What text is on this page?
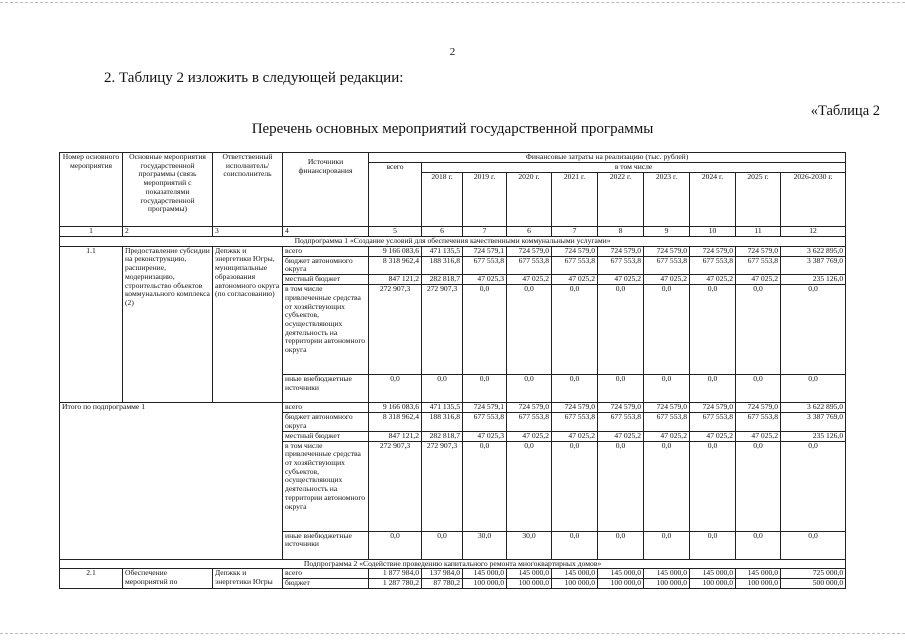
2
2. Таблицу 2 изложить в следующей редакции:
«Таблица 2
Перечень основных мероприятий государственной программы
Номер основного мероприятия	Основные мероприятия государственной программы (связь мероприятий с показателями государственной программы)	Ответственный исполнитель/ соисполнитель	Источники финансирования	Финансовые затраты на реализацию (тыс. рублей)									
				всего	в том числе								
					2018 г.	2019 г.	2020 г.	2021 г.	2022 г.	2023 г.	2024 г.	2025 г.	2026-2030 г.
1	2	3	4	5	6	7	6	7	8	9	10	11	12
Подпрограмма 1 «Создание условий для обеспечения качественными коммунальными услугами»													
1.1	Предоставление субсидии на реконструкцию, расширение, модернизацию, строительство объектов коммунального комплекса (2)	Депжкк и энергетики Югры, муниципальные образования автономного округа (по согласованию)	всего	9 166 083,6	471 135,5	724 579,1	724 579,0	724 579,0	724 579,0	724 579,0	724 579,0	724 579,0	3 622 895,0
			бюджет автономного округа	8 318 962,4	188 316,8	677 553,8	677 553,8	677 553,8	677 553,8	677 553,8	677 553,8	677 553,8	3 387 769,0
			местный бюджет	847 121,2	282 818,7	47 025,3	47 025,2	47 025,2	47 025,2	47 025,2	47 025,2	47 025,2	235 126,0
			в том числе привлеченные средства от хозяйствующих субъектов, осуществляющих деятельность на территории автономного округа	272 907,3	272 907,3	0,0	0,0	0,0	0,0	0,0	0,0	0,0	0,0
			иные внебюджетные источники	0,0	0,0	0,0	0,0	0,0	0,0	0,0	0,0	0,0	0,0
Итого по подпрограмме 1			всего	9 166 083,6	471 135,5	724 579,1	724 579,0	724 579,0	724 579,0	724 579,0	724 579,0	724 579,0	3 622 895,0
			бюджет автономного округа	8 318 962,4	188 316,8	677 553,8	677 553,8	677 553,8	677 553,8	677 553,8	677 553,8	677 553,8	3 387 769,0
			местный бюджет	847 121,2	282 818,7	47 025,3	47 025,2	47 025,2	47 025,2	47 025,2	47 025,2	47 025,2	235 126,0
			в том числе привлеченные средства от хозяйствующих субъектов, осуществляющих деятельность на территории автономного округа	272 907,3	272 907,3	0,0	0,0	0,0	0,0	0,0	0,0	0,0	0,0
			иные внебюджетные источники	0,0	0,0	30,0	30,0	0,0	0,0	0,0	0,0	0,0	0,0
Подпрограмма 2 «Содействие проведению капитального ремонта многоквартирных домов»													
2.1	Обеспечение мероприятий по	Депжкк и энергетики Югры	всего	1 877 984,0	137 984,0	145 000,0	145 000,0	145 000,0	145 000,0	145 000,0	145 000,0	145 000,0	725 000,0
			бюджет	1 287 780,2	87 780,2	100 000,0	100 000,0	100 000,0	100 000,0	100 000,0	100 000,0	100 000,0	500 000,0
